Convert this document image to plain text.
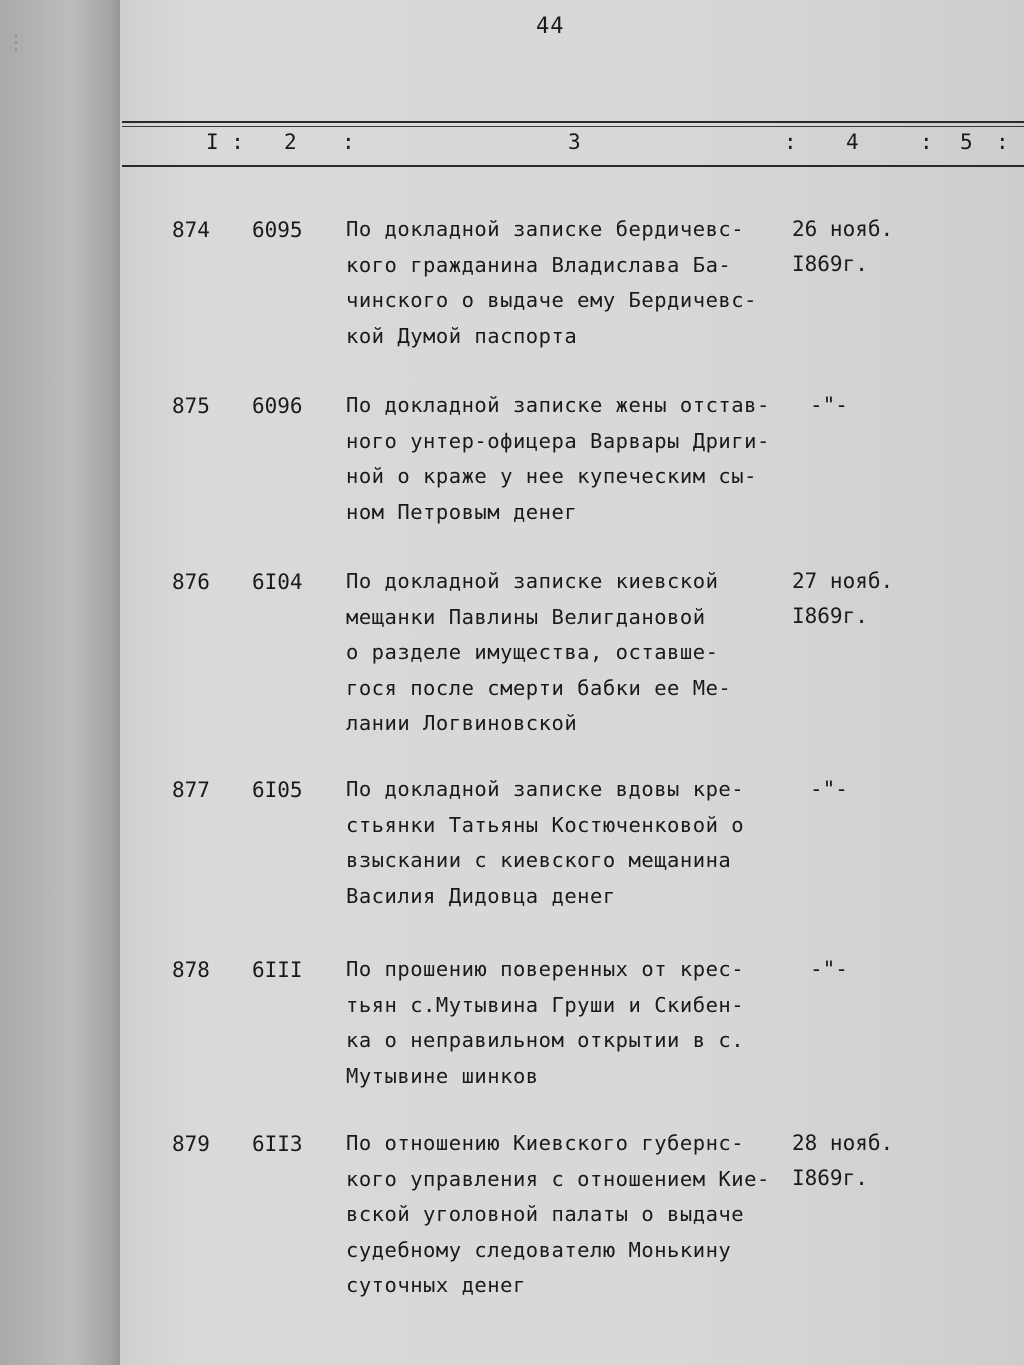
⋮
44
I : 2 :	3	: 4	: 5 :
874 6095 По докладной записке бердичевс-
кого гражданина Владислава Ба-
чинского о выдаче ему Бердичевс-
кой Думой паспорта
26 нояб.
I869г.
875 6096 По докладной записке жены отстав-
ного унтер-офицера Варвары Дриги-
ной о краже у нее купеческим сы-
ном Петровым денег
-"-
876 6I04 По докладной записке киевской
мещанки Павлины Велигдановой
о разделе имущества, оставше-
гося после смерти бабки ее Ме-
лании Логвиновской
27 нояб.
I869г.
877 6I05 По докладной записке вдовы кре-
стьянки Татьяны Костюченковой о
взыскании с киевского мещанина
Василия Дидовца денег
-"-
878 6III По прошению поверенных от крес-
тьян с.Мутывина Груши и Скибен-
ка о неправильном открытии в с.
Мутывине шинков
-"-
879 6II3 По отношению Киевского губернс-
кого управления с отношением Кие-
вской уголовной палаты о выдаче
судебному следователю Монькину
суточных денег
28 нояб.
I869г.
